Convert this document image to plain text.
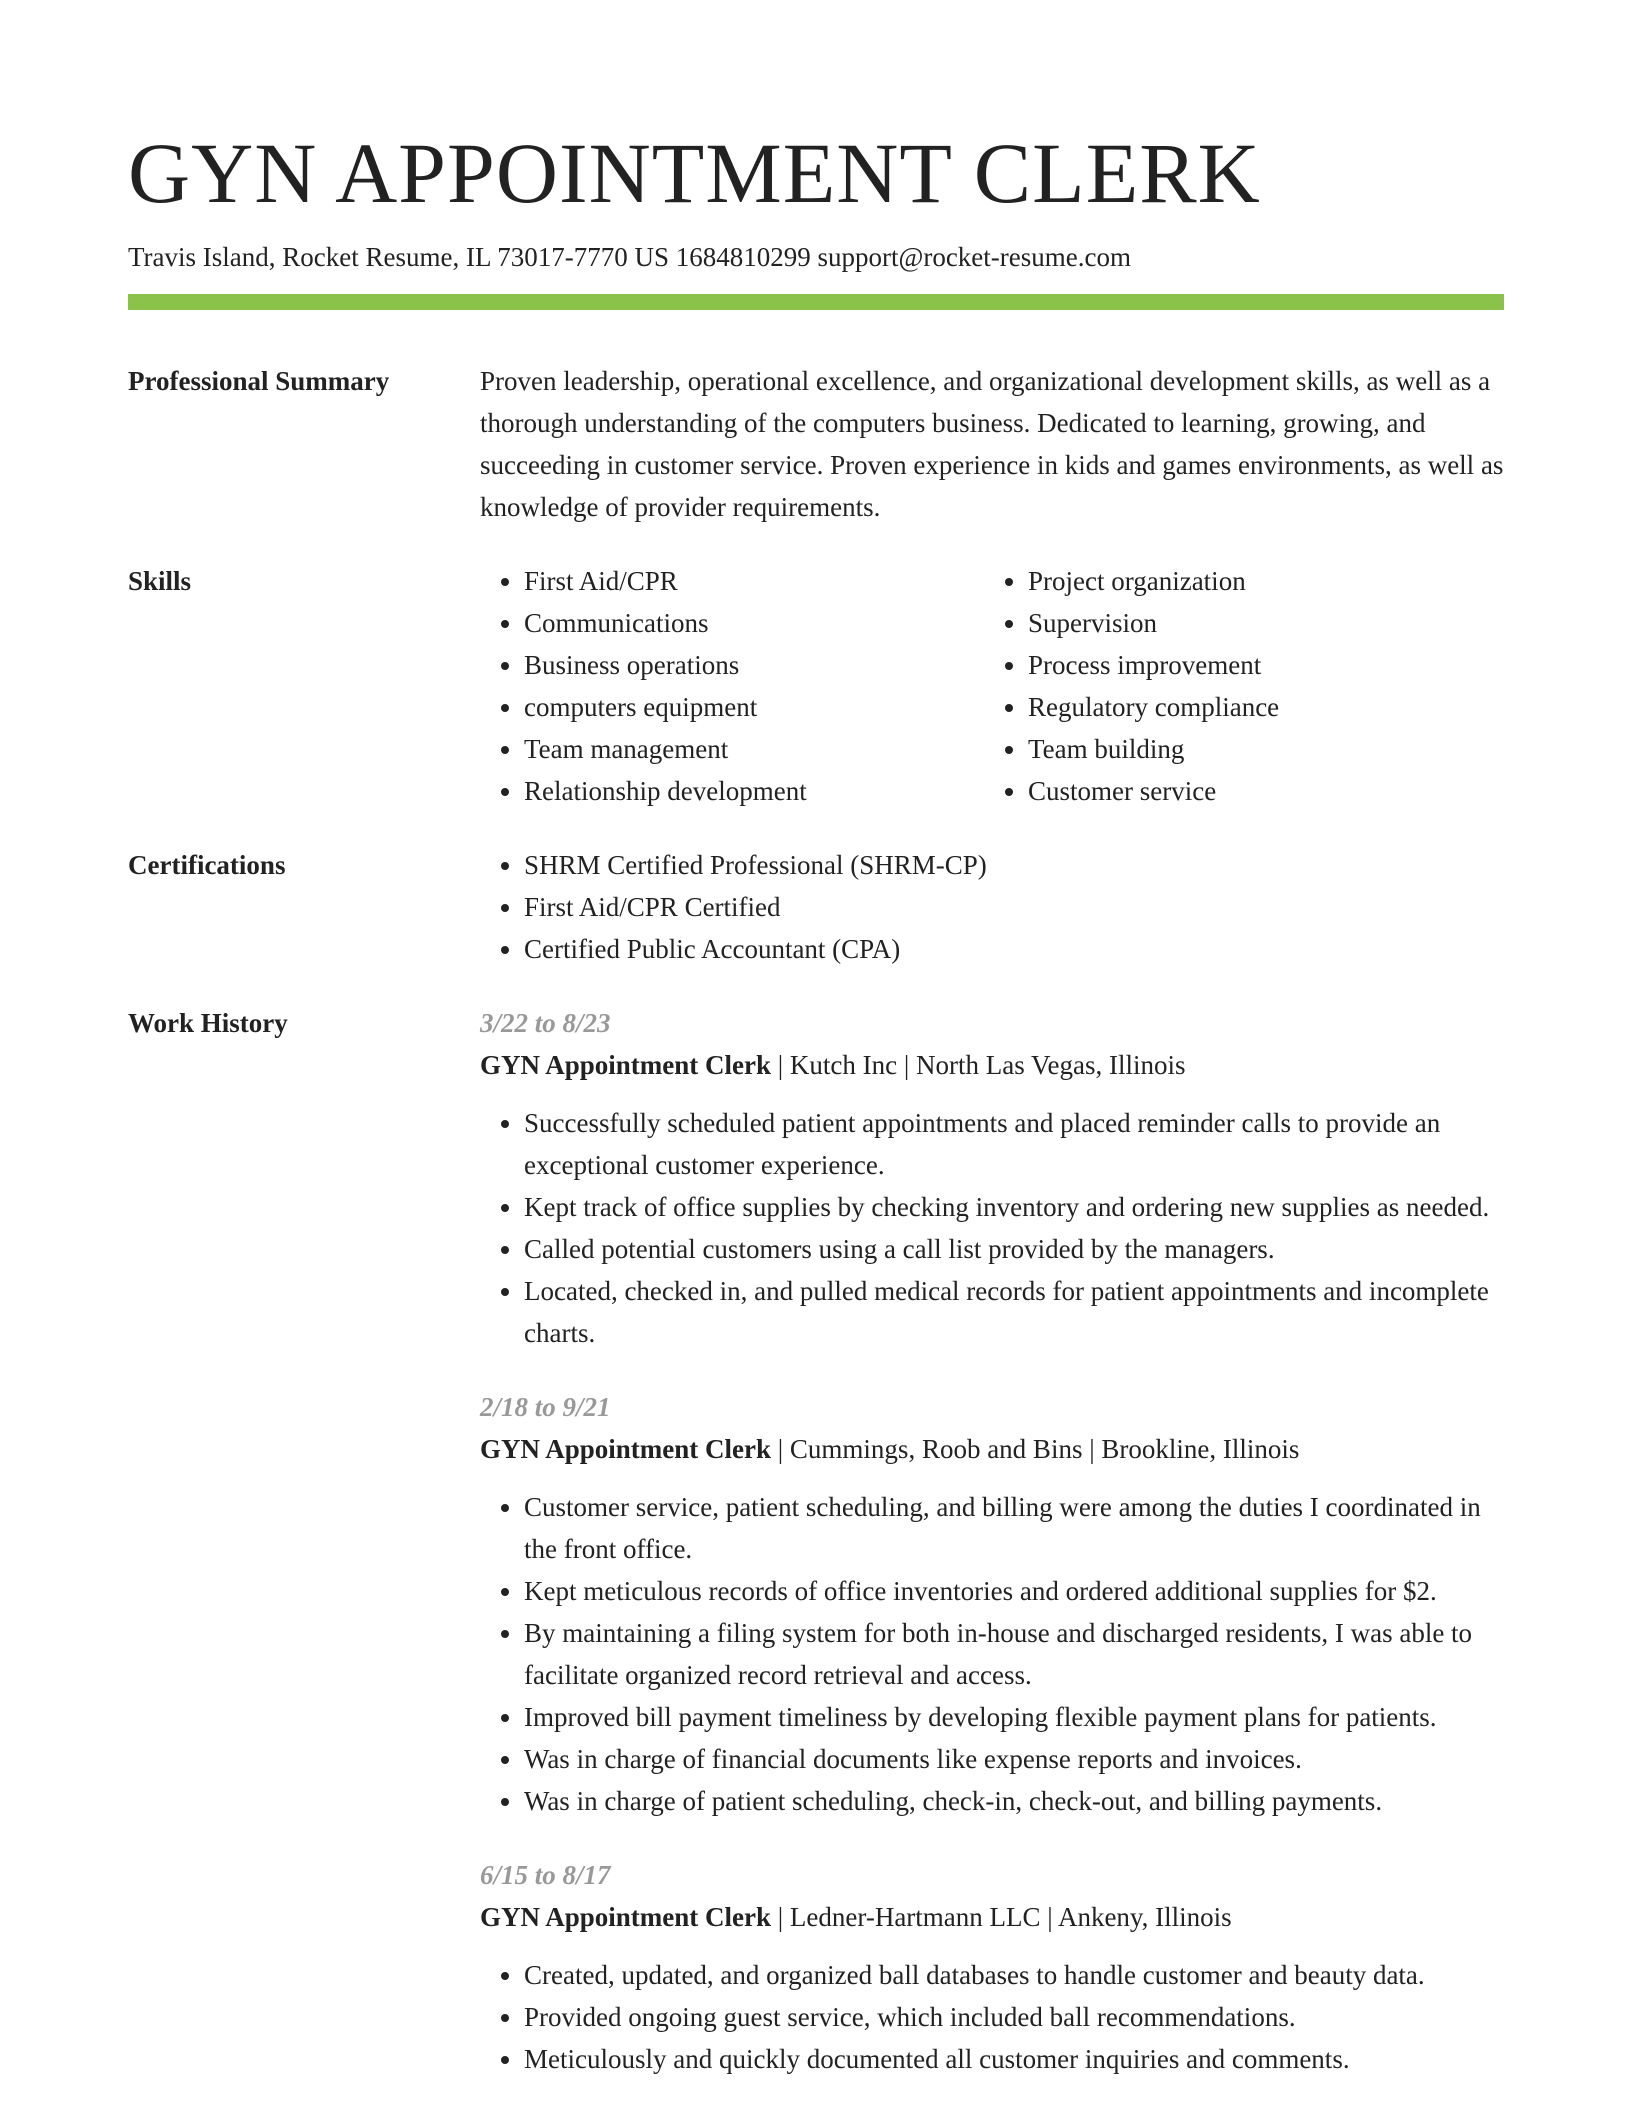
GYN APPOINTMENT CLERK
Travis Island, Rocket Resume, IL 73017-7770 US 1684810299 support@rocket-resume.com
Professional Summary	Proven leadership, operational excellence, and organizational development skills, as well as a thorough understanding of the computers business. Dedicated to learning, growing, and succeeding in customer service. Proven experience in kids and games environments, as well as knowledge of provider requirements.

Skills	• First Aid/CPR
• Communications
• Business operations
• computers equipment
• Team management
• Relationship development
• Project organization
• Supervision
• Process improvement
• Regulatory compliance
• Team building
• Customer service
Certifications	• SHRM Certified Professional (SHRM-CP)
• First Aid/CPR Certified
• Certified Public Accountant (CPA)
Work History	3/22 to 8/23
GYN Appointment Clerk | Kutch Inc | North Las Vegas, Illinois
• Successfully scheduled patient appointments and placed reminder calls to provide an exceptional customer experience.
• Kept track of office supplies by checking inventory and ordering new supplies as needed.
• Called potential customers using a call list provided by the managers.
• Located, checked in, and pulled medical records for patient appointments and incomplete charts.
2/18 to 9/21
GYN Appointment Clerk | Cummings, Roob and Bins | Brookline, Illinois
• Customer service, patient scheduling, and billing were among the duties I coordinated in the front office.
• Kept meticulous records of office inventories and ordered additional supplies for $2.
• By maintaining a filing system for both in-house and discharged residents, I was able to facilitate organized record retrieval and access.
• Improved bill payment timeliness by developing flexible payment plans for patients.
• Was in charge of financial documents like expense reports and invoices.
• Was in charge of patient scheduling, check-in, check-out, and billing payments.
6/15 to 8/17
GYN Appointment Clerk | Ledner-Hartmann LLC | Ankeny, Illinois
• Created, updated, and organized ball databases to handle customer and beauty data.
• Provided ongoing guest service, which included ball recommendations.
• Meticulously and quickly documented all customer inquiries and comments.
